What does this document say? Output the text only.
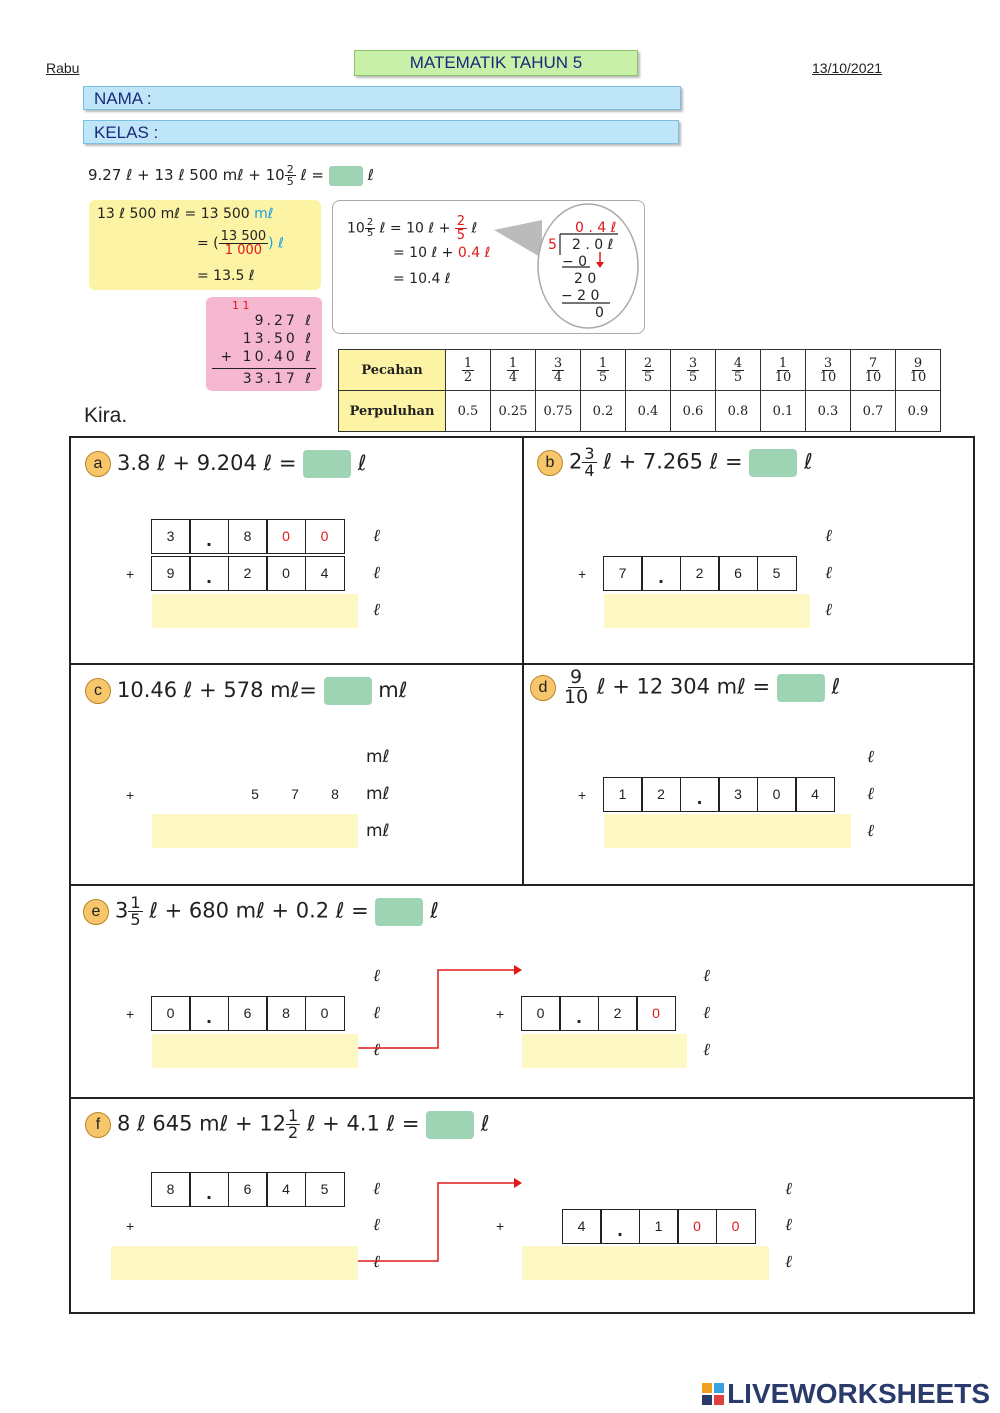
Rabu	MATEMATIK TAHUN 5	13/10/2021
NAMA :
KELAS :
9.27 ℓ + 13 ℓ 500 mℓ + $10 \frac{2}{5}$ ℓ =	ℓ
13 ℓ 500 mℓ = 13 500 mℓ
= ( $\frac{13 500}{1 000}$ ) ℓ
= 13.5 ℓ
1 1
9.27 ℓ
13.50 ℓ
+ 10.40 ℓ
33.17 ℓ
$10 \frac{2}{5}$ ℓ = 10 ℓ + $\frac{2}{5}$ ℓ
= 10 ℓ + 0.4 ℓ
= 10.4 ℓ
0 . 4 ℓ
5 2 . 0 ℓ
− 0
2 0
− 2 0
0
Pecahan	$\frac{1}{2}$	$\frac{1}{4}$	$\frac{3}{4}$	$\frac{1}{5}$	$\frac{2}{5}$	$\frac{3}{5}$	$\frac{4}{5}$	$\frac{1}{10}$	$\frac{3}{10}$	$\frac{7}{10}$	$\frac{9}{10}$

Perpuluhan	0.5	0.25	0.75	0.2	0.4	0.6	0.8	0.1	0.3	0.7	0.9
Kira.
a 3.8 ℓ + 9.204 ℓ =	ℓ
3	.	8	0	0
+	9	.	2	0	4
ℓ
ℓ
ℓ
b $2 \frac{3}{4}$ ℓ + 7.265 ℓ =	ℓ
+	7	.	2	6	5
ℓ
ℓ
ℓ
c 10.46 ℓ + 578 mℓ=	mℓ
+	5	7	8
mℓ
mℓ
mℓ
d $\frac{9}{10}$ ℓ + 12 304 mℓ =	ℓ
+	1	2	.	3	0	4
ℓ
ℓ
ℓ
e $3 \frac{1}{5}$ ℓ + 680 mℓ + 0.2 ℓ =	ℓ
+	0	.	6	8	0
ℓ
ℓ
ℓ
+	0	.	2	0
ℓ
ℓ
ℓ
f 8 ℓ 645 mℓ + $12 \frac{1}{2}$ ℓ + 4.1 ℓ =	ℓ
8	.	6	4	5
+
ℓ
ℓ
ℓ
+	4	.	1	0	0
ℓ
ℓ
ℓ
LIVEWORKSHEETS
